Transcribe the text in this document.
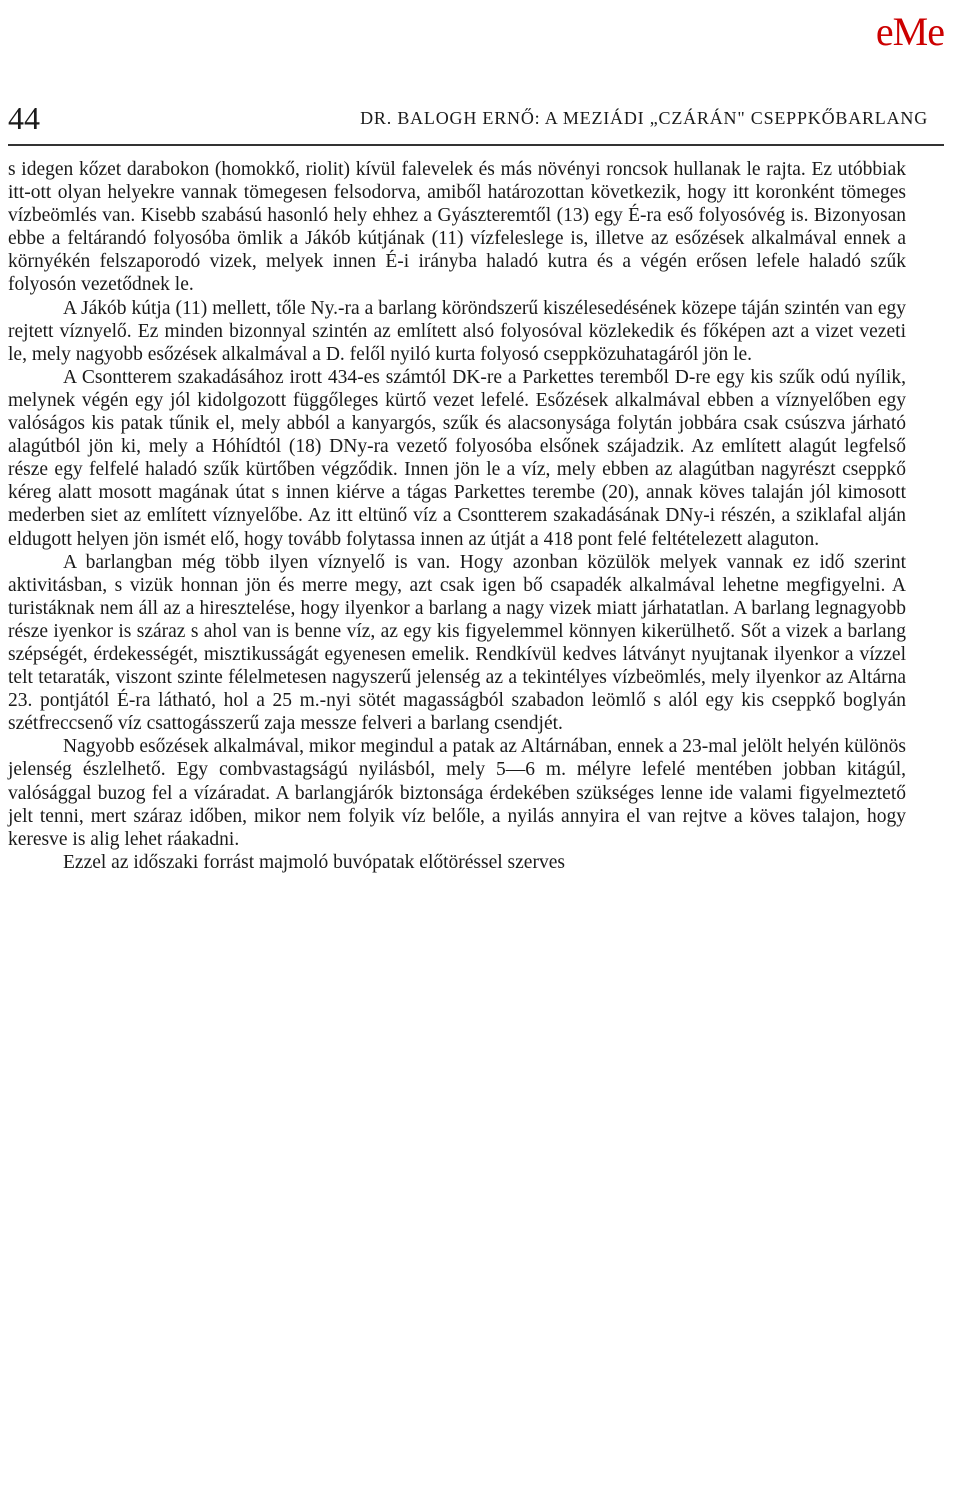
eMe
44	DR. BALOGH ERNŐ: A MEZIÁDI „CZÁRÁN" CSEPPKŐBARLANG

s idegen kőzet darabokon (homokkő, riolit) kívül falevelek és más növényi roncsok hullanak le rajta. Ez utóbbiak itt-ott olyan helyekre vannak tömegesen felsodorva, amiből határozottan következik, hogy itt koronként tömeges vízbeömlés van. Kisebb szabású hasonló hely ehhez a Gyászteremtől (13) egy É-ra eső folyosóvég is. Bizonyosan ebbe a feltárandó folyosóba ömlik a Jákób kútjának (11) vízfeleslege is, illetve az esőzések alkalmával ennek a környékén felszaporodó vizek, melyek innen É-i irányba haladó kutra és a végén erősen lefele haladó szűk folyosón vezetődnek le.

A Jákób kútja (11) mellett, tőle Ny.-ra a barlang köröndszerű kiszélesedésének közepe táján szintén van egy rejtett víznyelő. Ez minden bizonnyal szintén az említett alsó folyosóval közlekedik és főképen azt a vizet vezeti le, mely nagyobb esőzések alkalmával a D. felől nyiló kurta folyosó cseppközuhatagáról jön le.

A Csontterem szakadásához irott 434-es számtól DK-re a Parkettes teremből D-re egy kis szűk odú nyílik, melynek végén egy jól kidolgozott függőleges kürtő vezet lefelé. Esőzések alkalmával ebben a víznyelőben egy valóságos kis patak tűnik el, mely abból a kanyargós, szűk és alacsonysága folytán jobbára csak csúszva járható alagútból jön ki, mely a Hóhídtól (18) DNy-ra vezető folyosóba elsőnek szájadzik. Az említett alagút legfelső része egy felfelé haladó szűk kürtőben végződik. Innen jön le a víz, mely ebben az alagútban nagyrészt cseppkő kéreg alatt mosott magának útat s innen kiérve a tágas Parkettes terembe (20), annak köves talaján jól kimosott mederben siet az említett víznyelőbe. Az itt eltünő víz a Csontterem szakadásának DNy-i részén, a sziklafal alján eldugott helyen jön ismét elő, hogy tovább folytassa innen az útját a 418 pont felé feltételezett alaguton.

A barlangban még több ilyen víznyelő is van. Hogy azonban közülök melyek vannak ez idő szerint aktivitásban, s vizük honnan jön és merre megy, azt csak igen bő csapadék alkalmával lehetne megfigyelni. A turistáknak nem áll az a hiresztelése, hogy ilyenkor a barlang a nagy vizek miatt járhatatlan. A barlang legnagyobb része iyenkor is száraz s ahol van is benne víz, az egy kis figyelemmel könnyen kikerülhető. Sőt a vizek a barlang szépségét, érdekességét, misztikusságát egyenesen emelik. Rendkívül kedves látványt nyujtanak ilyenkor a vízzel telt tetaraták, viszont szinte félelmetesen nagyszerű jelenség az a tekintélyes vízbeömlés, mely ilyenkor az Altárna 23. pontjától É-ra látható, hol a 25 m.-nyi sötét magasságból szabadon leömlő s alól egy kis cseppkő boglyán szétfreccsenő víz csattogásszerű zaja messze felveri a barlang csendjét.

Nagyobb esőzések alkalmával, mikor megindul a patak az Altárnában, ennek a 23-mal jelölt helyén különös jelenség észlelhető. Egy combvastagságú nyilásból, mely 5—6 m. mélyre lefelé mentében jobban kitágúl, valósággal buzog fel a vízáradat. A barlangjárók biztonsága érdekében szükséges lenne ide valami figyelmeztető jelt tenni, mert száraz időben, mikor nem folyik víz belőle, a nyilás annyira el van rejtve a köves talajon, hogy keresve is alig lehet ráakadni.

Ezzel az időszaki forrást majmoló buvópatak előtöréssel szerves
